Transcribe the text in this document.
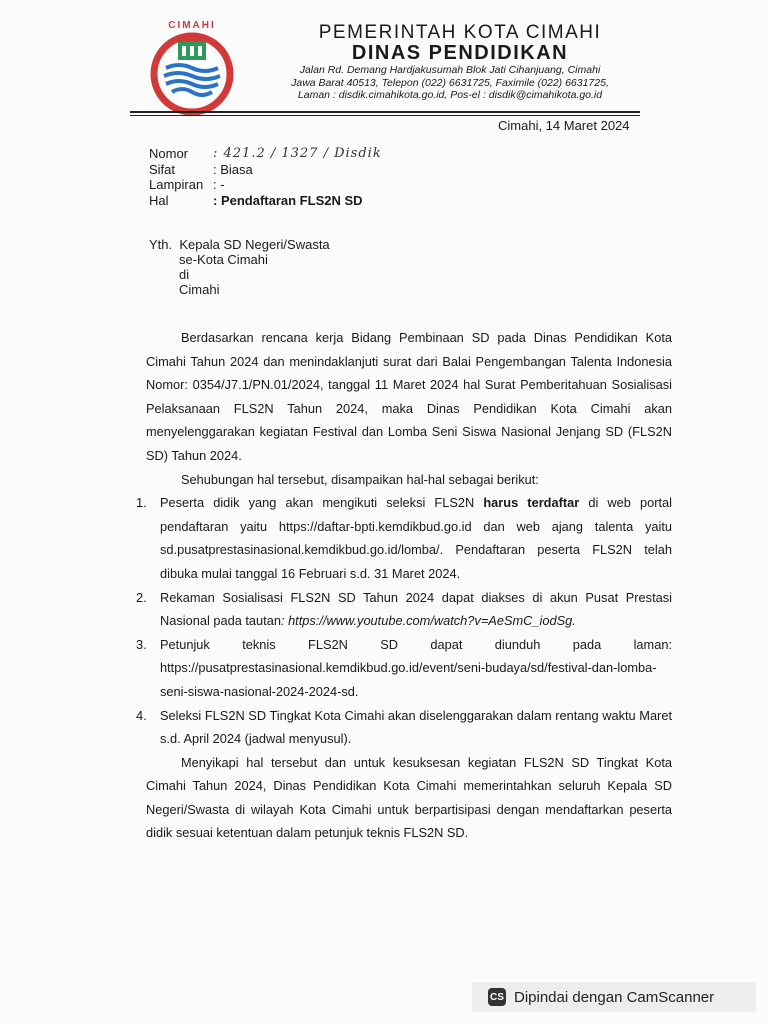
CIMAHI	PEMERINTAH KOTA CIMAHI
DINAS PENDIDIKAN
Jalan Rd. Demang Hardjakusumah Blok Jati Cihanjuang, Cimahi
Jawa Barat 40513, Telepon (022) 6631725, Faximile (022) 6631725,
Laman : disdik.cimahikota.go.id, Pos-el : disdik@cimahikota.go.id
Cimahi, 14 Maret 2024
Nomor	: 421.2 / 1327 / Disdik
Sifat	: Biasa
Lampiran : -
Hal	: Pendaftaran FLS2N SD
Yth. Kepala SD Negeri/Swasta
se-Kota Cimahi
di
Cimahi

Berdasarkan rencana kerja Bidang Pembinaan SD pada Dinas Pendidikan Kota Cimahi Tahun 2024 dan menindaklanjuti surat dari Balai Pengembangan Talenta Indonesia Nomor: 0354/J7.1/PN.01/2024, tanggal 11 Maret 2024 hal Surat Pemberitahuan Sosialisasi Pelaksanaan FLS2N Tahun 2024, maka Dinas Pendidikan Kota Cimahi akan menyelenggarakan kegiatan Festival dan Lomba Seni Siswa Nasional Jenjang SD (FLS2N SD) Tahun 2024.

Sehubungan hal tersebut, disampaikan hal-hal sebagai berikut:

1. Peserta didik yang akan mengikuti seleksi FLS2N harus terdaftar di web portal pendaftaran yaitu https://daftar-bpti.kemdikbud.go.id dan web ajang talenta yaitu sd.pusatprestasinasional.kemdikbud.go.id/lomba/. Pendaftaran peserta FLS2N telah dibuka mulai tanggal 16 Februari s.d. 31 Maret 2024.
2. Rekaman Sosialisasi FLS2N SD Tahun 2024 dapat diakses di akun Pusat Prestasi Nasional pada tautan: https://www.youtube.com/watch?v=AeSmC_iodSg.
3. Petunjuk teknis FLS2N SD dapat diunduh pada laman: https://pusatprestasinasional.kemdikbud.go.id/event/seni-budaya/sd/festival-dan-lomba-seni-siswa-nasional-2024-2024-sd.
4. Seleksi FLS2N SD Tingkat Kota Cimahi akan diselenggarakan dalam rentang waktu Maret s.d. April 2024 (jadwal menyusul).

Menyikapi hal tersebut dan untuk kesuksesan kegiatan FLS2N SD Tingkat Kota Cimahi Tahun 2024, Dinas Pendidikan Kota Cimahi memerintahkan seluruh Kepala SD Negeri/Swasta di wilayah Kota Cimahi untuk berpartisipasi dengan mendaftarkan peserta didik sesuai ketentuan dalam petunjuk teknis FLS2N SD.

CS Dipindai dengan CamScanner
